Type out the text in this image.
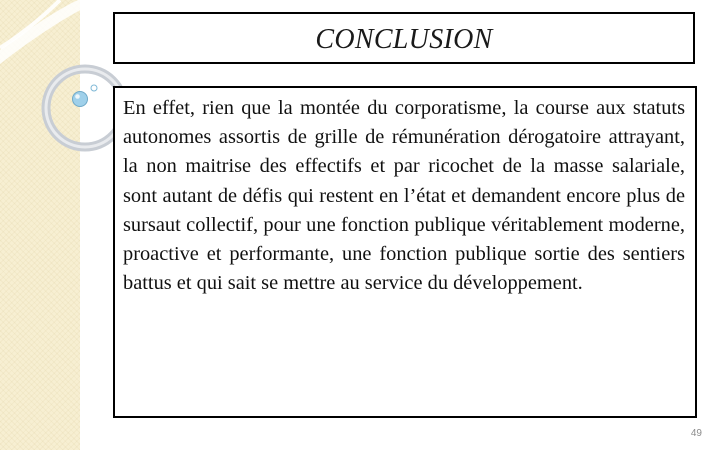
CONCLUSION

En effet, rien que la montée du corporatisme, la course aux statuts autonomes assortis de grille de rémunération dérogatoire attrayant, la non maitrise des effectifs et par ricochet de la masse salariale, sont autant de défis qui restent en l’état et demandent encore plus de sursaut collectif, pour une fonction publique véritablement moderne, proactive et performante, une fonction publique sortie des sentiers battus et qui sait se mettre au service du développement.

49
